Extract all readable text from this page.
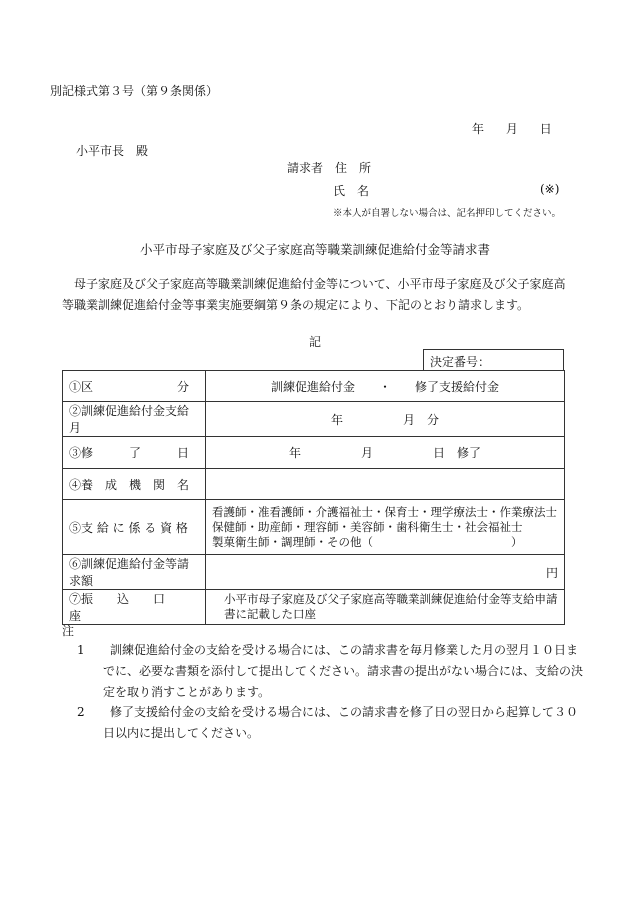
別記様式第３号（第９条関係）
年 月 日
小平市長　殿
請求者　住　所
氏　名	(※)
※本人が自署しない場合は、記名押印してください。
小平市母子家庭及び父子家庭高等職業訓練促進給付金等請求書
母子家庭及び父子家庭高等職業訓練促進給付金等について、小平市母子家庭及び父子家庭高等職業訓練促進給付金等事業実施要綱第９条の規定により、下記のとおり請求します。
記
決定番号：
①区　　　　　　　分	訓練促進給付金　　・　　修了支援給付金
②訓練促進給付金支給月	年　　　　　月　分
③修　　　了　　　日	年　　　　　月　　　　　日　修了
④養　成　機　関　名	
⑤支 給 に 係 る 資 格	看護師・准看護師・介護福祉士・保育士・理学療法士・作業療法士
保健師・助産師・理容師・美容師・歯科衛生士・社会福祉士
製菓衛生師・調理師・その他（　　　　　　　　　　　　）

⑥訓練促進給付金等請求額	円
⑦振　　込　　口　　座	小平市母子家庭及び父子家庭高等職業訓練促進給付金等支給申請
書に記載した口座
注
1 訓練促進給付金の支給を受ける場合には、この請求書を毎月修業した月の翌月１０日までに、必要な書類を添付して提出してください。請求書の提出がない場合には、支給の決定を取り消すことがあります。
2 修了支援給付金の支給を受ける場合には、この請求書を修了日の翌日から起算して３０日以内に提出してください。
